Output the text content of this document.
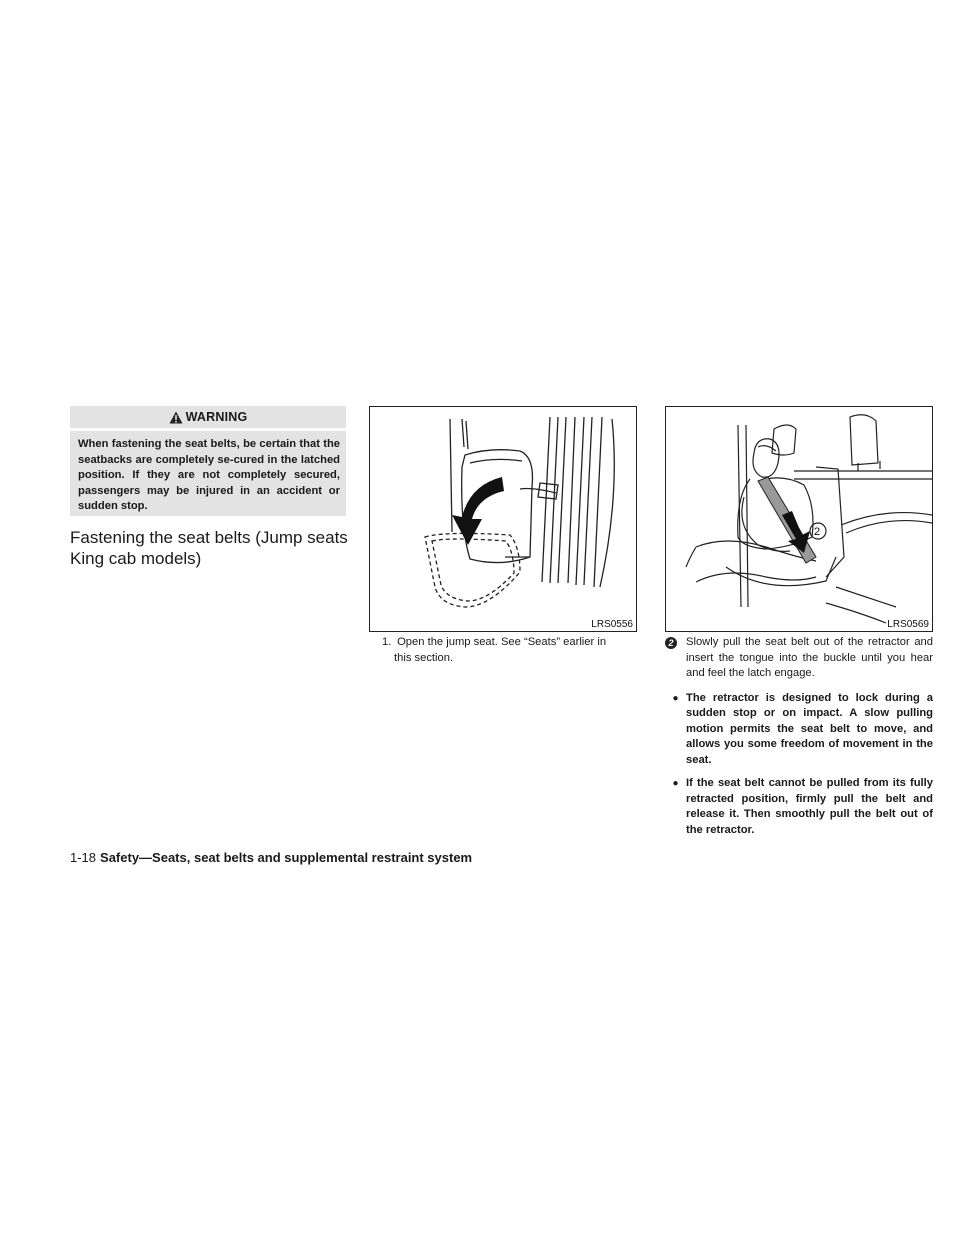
WARNING
When fastening the seat belts, be certain that the seatbacks are completely se-cured in the latched position. If they are not completely secured, passengers may be injured in an accident or sudden stop.
Fastening the seat belts (Jump seats King cab models)
LRS0556
2
LRS0569
1. Open the jump seat. See “Seats” earlier in
this section.
2 Slowly pull the seat belt out of the retractor and insert the tongue into the buckle until you hear and feel the latch engage.
● The retractor is designed to lock during a sudden stop or on impact. A slow pulling motion permits the seat belt to move, and allows you some freedom of movement in the seat.
● If the seat belt cannot be pulled from its fully retracted position, firmly pull the belt and release it. Then smoothly pull the belt out of the retractor.
1-18 Safety—Seats, seat belts and supplemental restraint system
